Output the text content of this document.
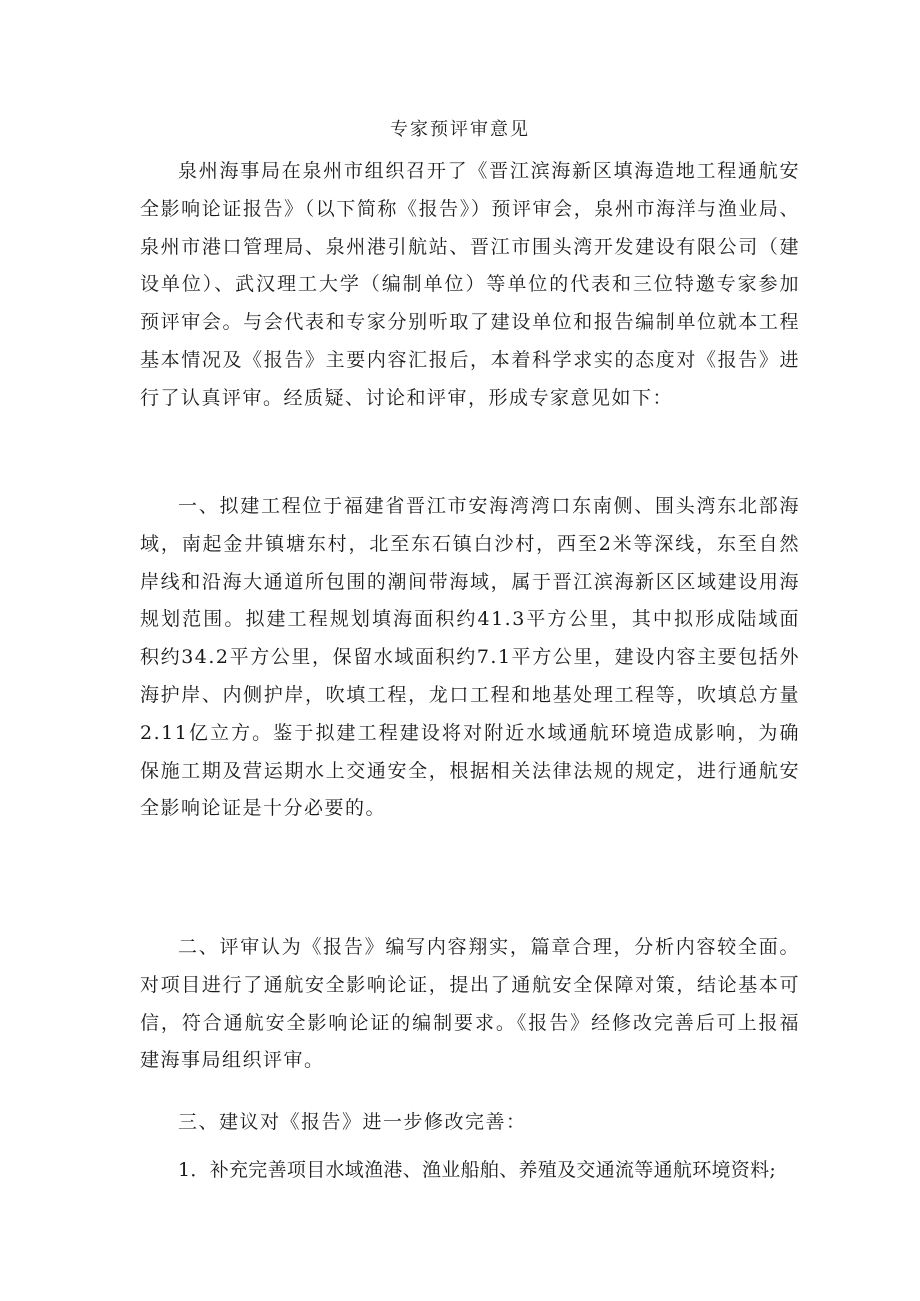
专家预评审意见

泉州海事局在泉州市组织召开了《晋江滨海新区填海造地工程通航安全影响论证报告》（以下简称《报告》）预评审会，泉州市海洋与渔业局、泉州市港口管理局、泉州港引航站、晋江市围头湾开发建设有限公司（建设单位）、武汉理工大学（编制单位）等单位的代表和三位特邀专家参加预评审会。与会代表和专家分别听取了建设单位和报告编制单位就本工程基本情况及《报告》主要内容汇报后，本着科学求实的态度对《报告》进行了认真评审。经质疑、讨论和评审，形成专家意见如下：

一、拟建工程位于福建省晋江市安海湾湾口东南侧、围头湾东北部海域，南起金井镇塘东村，北至东石镇白沙村，西至2米等深线，东至自然岸线和沿海大通道所包围的潮间带海域，属于晋江滨海新区区域建设用海规划范围。拟建工程规划填海面积约41.3平方公里，其中拟形成陆域面积约34.2平方公里，保留水域面积约7.1平方公里，建设内容主要包括外海护岸、内侧护岸，吹填工程，龙口工程和地基处理工程等，吹填总方量2.11亿立方。鉴于拟建工程建设将对附近水域通航环境造成影响，为确保施工期及营运期水上交通安全，根据相关法律法规的规定，进行通航安全影响论证是十分必要的。

二、评审认为《报告》编写内容翔实，篇章合理，分析内容较全面。对项目进行了通航安全影响论证，提出了通航安全保障对策，结论基本可信，符合通航安全影响论证的编制要求。《报告》经修改完善后可上报福建海事局组织评审。

三、建议对《报告》进一步修改完善：

1．补充完善项目水域渔港、渔业船舶、养殖及交通流等通航环境资料;
